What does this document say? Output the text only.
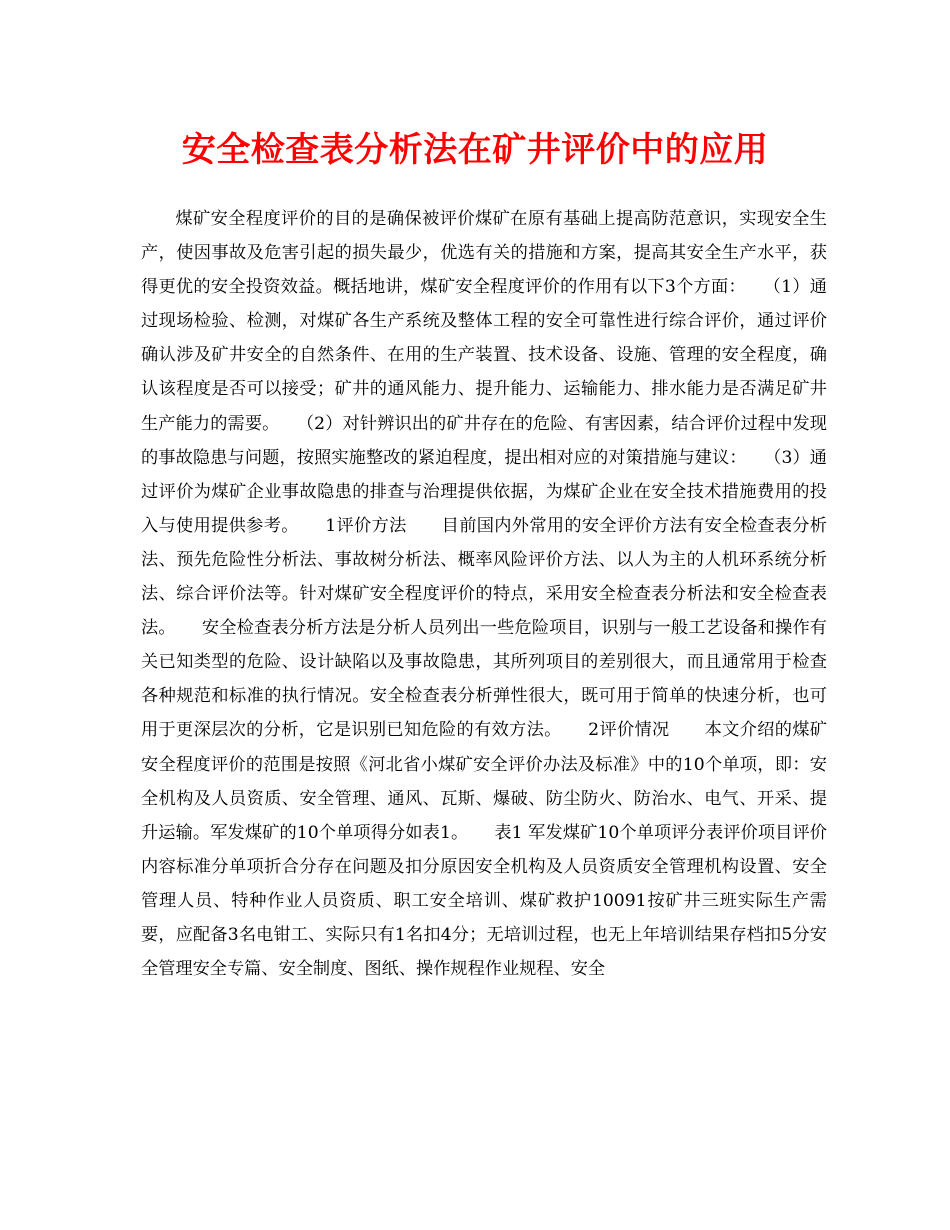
安全检查表分析法在矿井评价中的应用

煤矿安全程度评价的目的是确保被评价煤矿在原有基础上提高防范意识，实现安全生产，使因事故及危害引起的损失最少，优选有关的措施和方案，提高其安全生产水平，获得更优的安全投资效益。概括地讲，煤矿安全程度评价的作用有以下3个方面：　　（1）通过现场检验、检测，对煤矿各生产系统及整体工程的安全可靠性进行综合评价，通过评价确认涉及矿井安全的自然条件、在用的生产装置、技术设备、设施、管理的安全程度，确认该程度是否可以接受；矿井的通风能力、提升能力、运输能力、排水能力是否满足矿井生产能力的需要。　　（2）对针辨识出的矿井存在的危险、有害因素，结合评价过程中发现的事故隐患与问题，按照实施整改的紧迫程度，提出相对应的对策措施与建议：　　（3）通过评价为煤矿企业事故隐患的排查与治理提供依据，为煤矿企业在安全技术措施费用的投入与使用提供参考。　　1评价方法　　目前国内外常用的安全评价方法有安全检查表分析法、预先危险性分析法、事故树分析法、概率风险评价方法、以人为主的人机环系统分析法、综合评价法等。针对煤矿安全程度评价的特点，采用安全检查表分析法和安全检查表法。　　安全检查表分析方法是分析人员列出一些危险项目，识别与一般工艺设备和操作有关已知类型的危险、设计缺陷以及事故隐患，其所列项目的差别很大，而且通常用于检查各种规范和标准的执行情况。安全检查表分析弹性很大，既可用于简单的快速分析，也可用于更深层次的分析，它是识别已知危险的有效方法。　　2评价情况　　本文介绍的煤矿安全程度评价的范围是按照《河北省小煤矿安全评价办法及标准》中的10个单项，即：安全机构及人员资质、安全管理、通风、瓦斯、爆破、防尘防火、防治水、电气、开采、提升运输。军发煤矿的10个单项得分如表1。　　表1 军发煤矿10个单项评分表评价项目评价内容标准分单项折合分存在问题及扣分原因安全机构及人员资质安全管理机构设置、安全管理人员、特种作业人员资质、职工安全培训、煤矿救护10091按矿井三班实际生产需要，应配备3名电钳工、实际只有1名扣4分；无培训过程，也无上年培训结果存档扣5分安全管理安全专篇、安全制度、图纸、操作规程作业规程、安全
